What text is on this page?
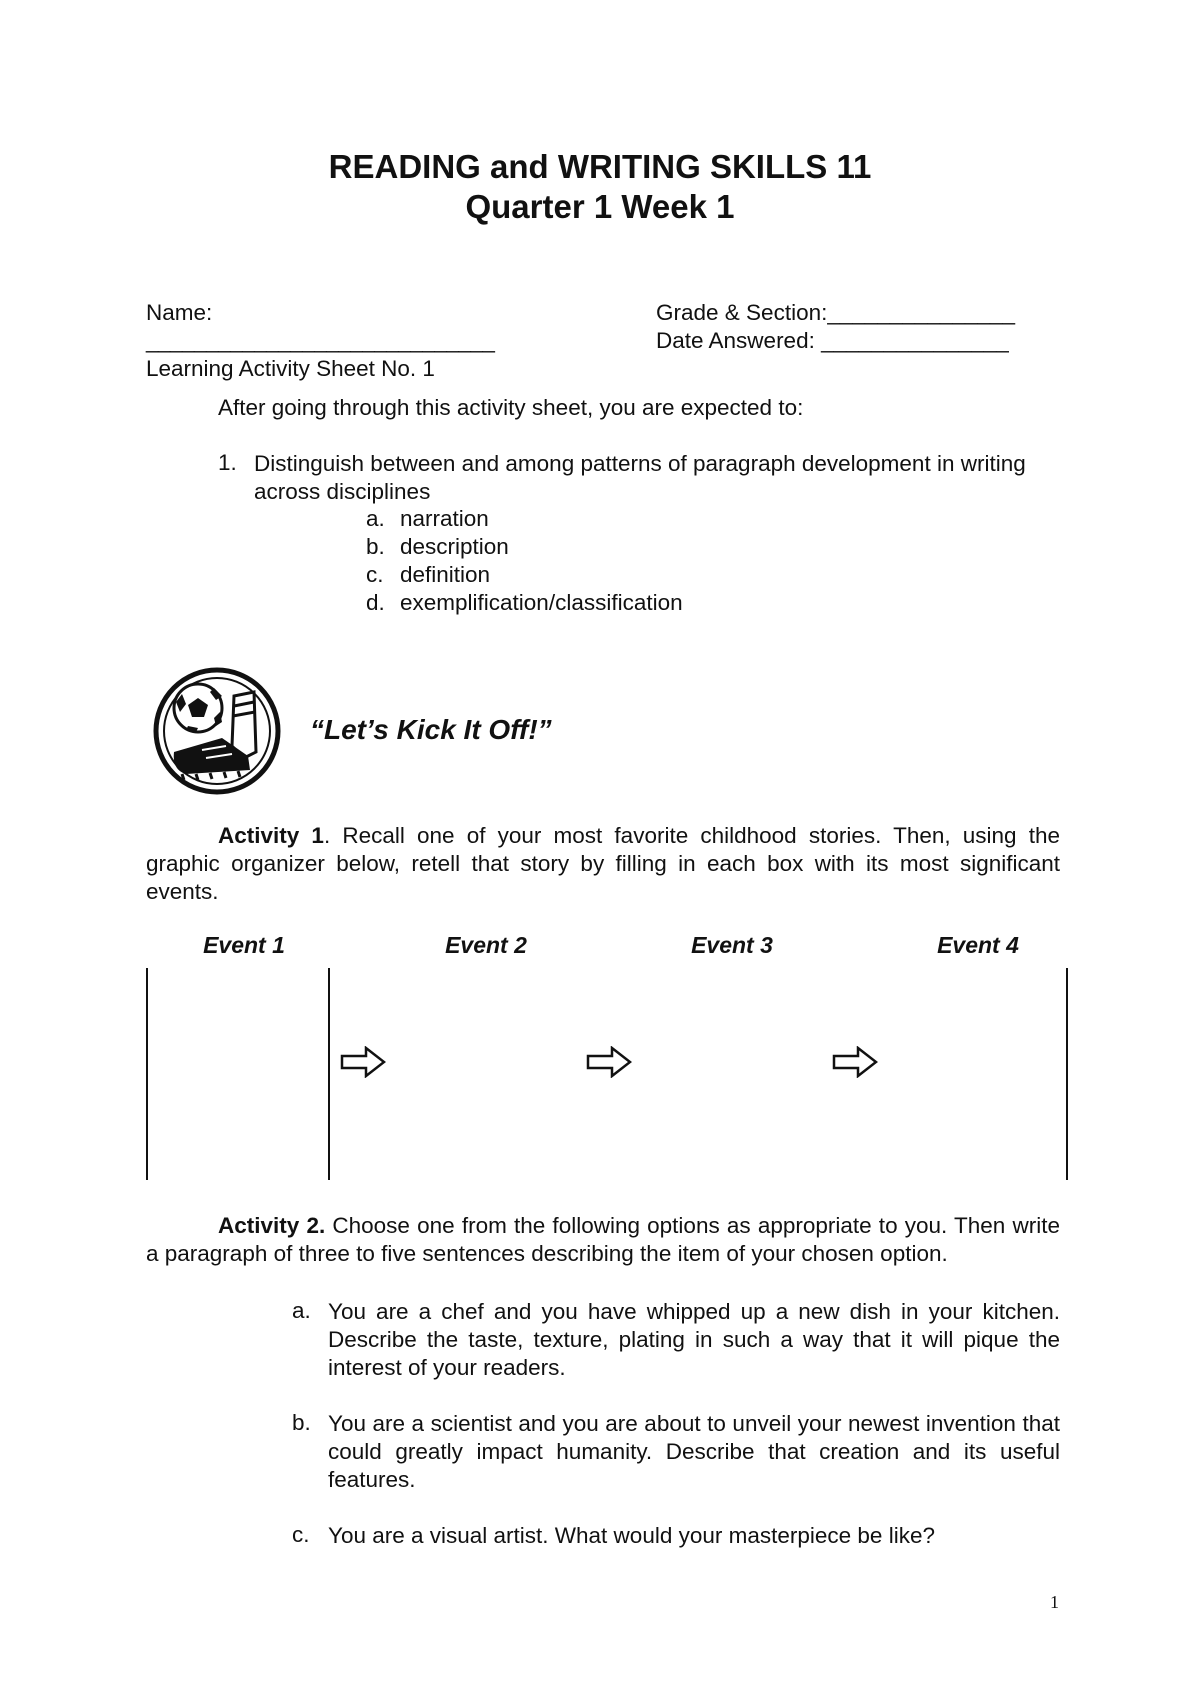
READING and WRITING SKILLS 11
Quarter 1 Week 1
Name:
_____________________________
Grade & Section:_______________
Date Answered: _______________
Learning Activity Sheet No. 1
After going through this activity sheet, you are expected to:
1. Distinguish between and among patterns of paragraph development in writing across disciplines
a. narration
b. description
c. definition
d. exemplification/classification
“Let’s Kick It Off!”
Activity 1. Recall one of your most favorite childhood stories. Then, using the graphic organizer below, retell that story by filling in each box with its most significant events.
Event 1	Event 2	Event 3	Event 4
Activity 2. Choose one from the following options as appropriate to you. Then write a paragraph of three to five sentences describing the item of your chosen option.
a. You are a chef and you have whipped up a new dish in your kitchen. Describe the taste, texture, plating in such a way that it will pique the interest of your readers.
b. You are a scientist and you are about to unveil your newest invention that could greatly impact humanity. Describe that creation and its useful features.
c. You are a visual artist. What would your masterpiece be like?
1
